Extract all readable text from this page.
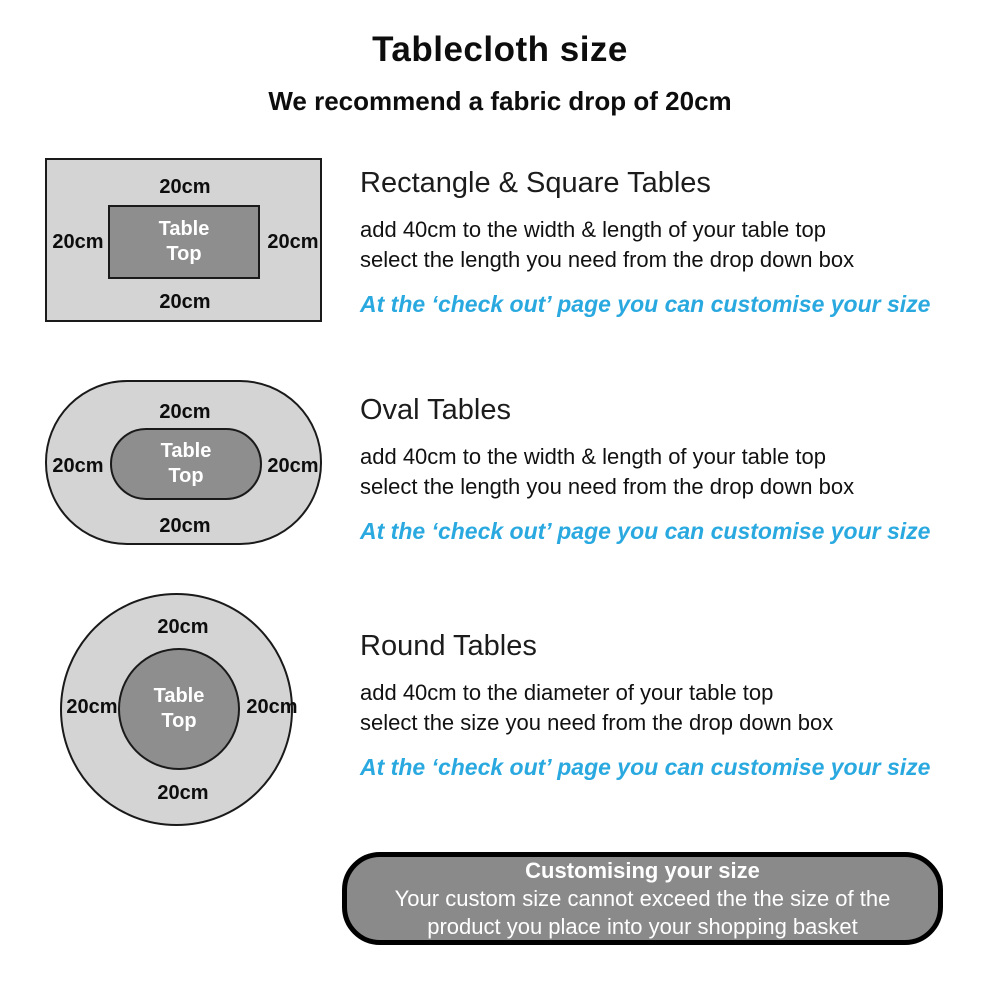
Tablecloth size
We recommend a fabric drop of 20cm
20cm
20cm	20cm
20cm
Table
Top
Rectangle & Square Tables
add 40cm to the width & length of your table top
select the length you need from the drop down box
At the ‘check out’ page you can customise your size
20cm
20cm	20cm
20cm
Table
Top
Oval Tables
add 40cm to the width & length of your table top
select the length you need from the drop down box
At the ‘check out’ page you can customise your size
20cm
20cm	20cm
20cm
Table
Top
Round Tables
add 40cm to the diameter of your table top
select the size you need from the drop down box
At the ‘check out’ page you can customise your size
Customising your size
Your custom size cannot exceed the the size of the
product you place into your shopping basket
